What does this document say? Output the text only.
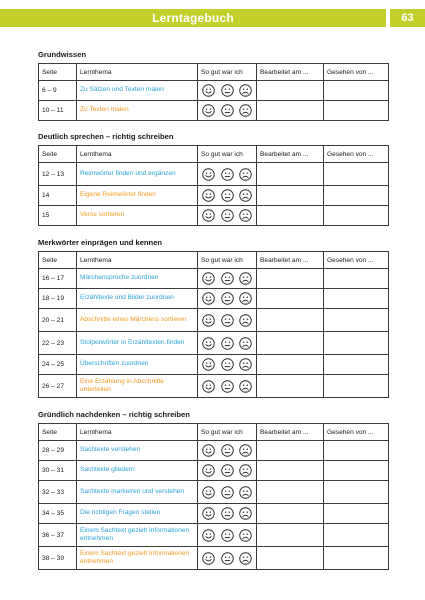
Lerntagebuch	63
Grundwissen
Seite	Lernthema	So gut war ich	Bearbeitet am ...	Gesehen von ...
6 – 9	Zu Sätzen und Texten malen

10 – 11	Zu Texten malen

Deutlich sprechen – richtig schreiben
Seite	Lernthema	So gut war ich	Bearbeitet am ...	Gesehen von ...
12 – 13	Reimwörter finden und ergänzen

14	Eigene Reimwörter finden

15	Verse sortieren

Merkwörter einprägen und kennen
Seite	Lernthema	So gut war ich	Bearbeitet am ...	Gesehen von ...
16 – 17	Märchensprüche zuordnen

18 – 19	Erzähltexte und Bilder zuordnen

20 – 21	Abschnitte eines Märchens sortieren

22 – 23	Stolperwörter in Erzähltexten finden

24 – 25	Überschriften zuordnen

26 – 27	Eine Erzählung in Abschnitte unterteilen

Gründlich nachdenken – richtig schreiben
Seite	Lernthema	So gut war ich	Bearbeitet am ...	Gesehen von ...
28 – 29	Sachtexte verstehen

30 – 31	Sachtexte gliedern

32 – 33	Sachtexte markieren und verstehen

34 – 35	Die richtigen Fragen stellen

36 – 37	Einem Sachtext gezielt Informationen entnehmen

38 – 39	Einem Sachtext gezielt Informationen entnehmen
